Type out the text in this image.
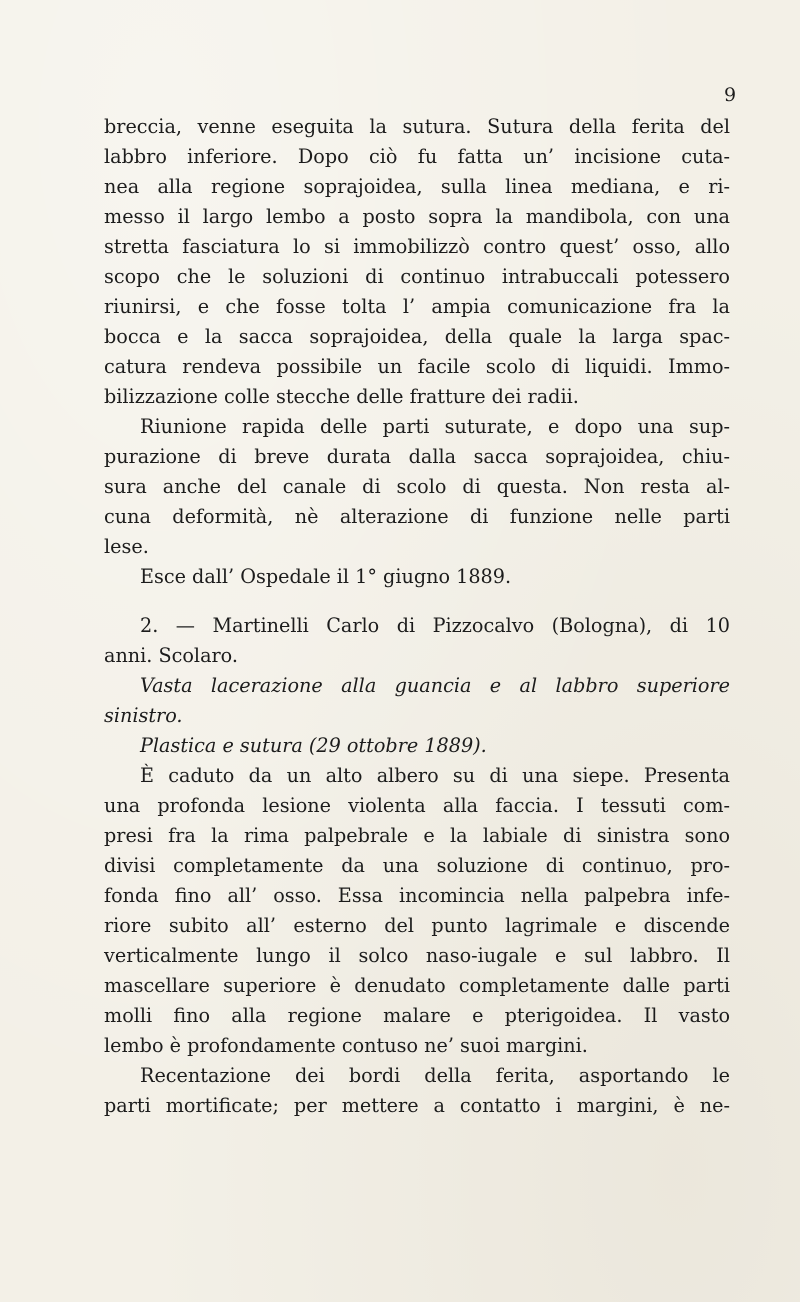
9
breccia, venne eseguita la sutura. Sutura della ferita del
labbro inferiore. Dopo ciò fu fatta un’ incisione cuta-
nea alla regione soprajoidea, sulla linea mediana, e ri-
messo il largo lembo a posto sopra la mandibola, con una
stretta fasciatura lo si immobilizzò contro quest’ osso, allo
scopo che le soluzioni di continuo intrabuccali potessero
riunirsi, e che fosse tolta l’ ampia comunicazione fra la
bocca e la sacca soprajoidea, della quale la larga spac-
catura rendeva possibile un facile scolo di liquidi. Immo-
bilizzazione colle stecche delle fratture dei radii.
Riunione rapida delle parti suturate, e dopo una sup-
purazione di breve durata dalla sacca soprajoidea, chiu-
sura anche del canale di scolo di questa. Non resta al-
cuna deformità, nè alterazione di funzione nelle parti
lese.
Esce dall’ Ospedale il 1° giugno 1889.
2. — Martinelli Carlo di Pizzocalvo (Bologna), di 10
anni. Scolaro.
Vasta lacerazione alla guancia e al labbro superiore
sinistro.
Plastica e sutura (29 ottobre 1889).
È caduto da un alto albero su di una siepe. Presenta
una profonda lesione violenta alla faccia. I tessuti com-
presi fra la rima palpebrale e la labiale di sinistra sono
divisi completamente da una soluzione di continuo, pro-
fonda fino all’ osso. Essa incomincia nella palpebra infe-
riore subito all’ esterno del punto lagrimale e discende
verticalmente lungo il solco naso-iugale e sul labbro. Il
mascellare superiore è denudato completamente dalle parti
molli fino alla regione malare e pterigoidea. Il vasto
lembo è profondamente contuso ne’ suoi margini.
Recentazione dei bordi della ferita, asportando le
parti mortificate; per mettere a contatto i margini, è ne-
